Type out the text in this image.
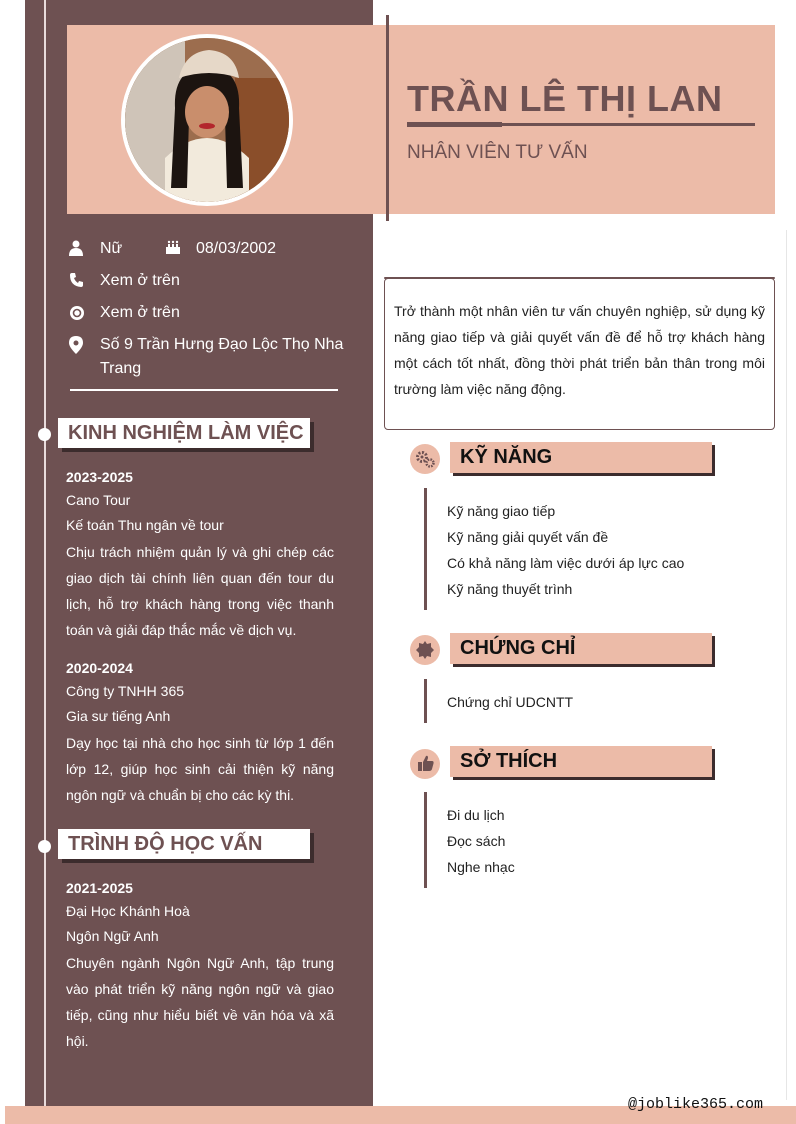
TRẦN LÊ THỊ LAN
NHÂN VIÊN TƯ VẤN
Nữ	08/03/2002
Xem ở trên
Xem ở trên
Số 9 Trần Hưng Đạo Lộc Thọ Nha Trang
KINH NGHIỆM LÀM VIỆC
2023-2025
Cano Tour
Kế toán Thu ngân về tour
Chịu trách nhiệm quản lý và ghi chép các giao dịch tài chính liên quan đến tour du lịch, hỗ trợ khách hàng trong việc thanh toán và giải đáp thắc mắc về dịch vụ.
2020-2024
Công ty TNHH 365
Gia sư tiếng Anh
Dạy học tại nhà cho học sinh từ lớp 1 đến lớp 12, giúp học sinh cải thiện kỹ năng ngôn ngữ và chuẩn bị cho các kỳ thi.
TRÌNH ĐỘ HỌC VẤN
2021-2025
Đại Học Khánh Hoà
Ngôn Ngữ Anh
Chuyên ngành Ngôn Ngữ Anh, tập trung vào phát triển kỹ năng ngôn ngữ và giao tiếp, cũng như hiểu biết về văn hóa và xã hội.
Trở thành một nhân viên tư vấn chuyên nghiệp, sử dụng kỹ năng giao tiếp và giải quyết vấn đề để hỗ trợ khách hàng một cách tốt nhất, đồng thời phát triển bản thân trong môi trường làm việc năng động.
KỸ NĂNG
Kỹ năng giao tiếp
Kỹ năng giải quyết vấn đề
Có khả năng làm việc dưới áp lực cao
Kỹ năng thuyết trình
CHỨNG CHỈ
Chứng chỉ UDCNTT
SỞ THÍCH
Đi du lịch
Đọc sách
Nghe nhạc
@joblike365.com
